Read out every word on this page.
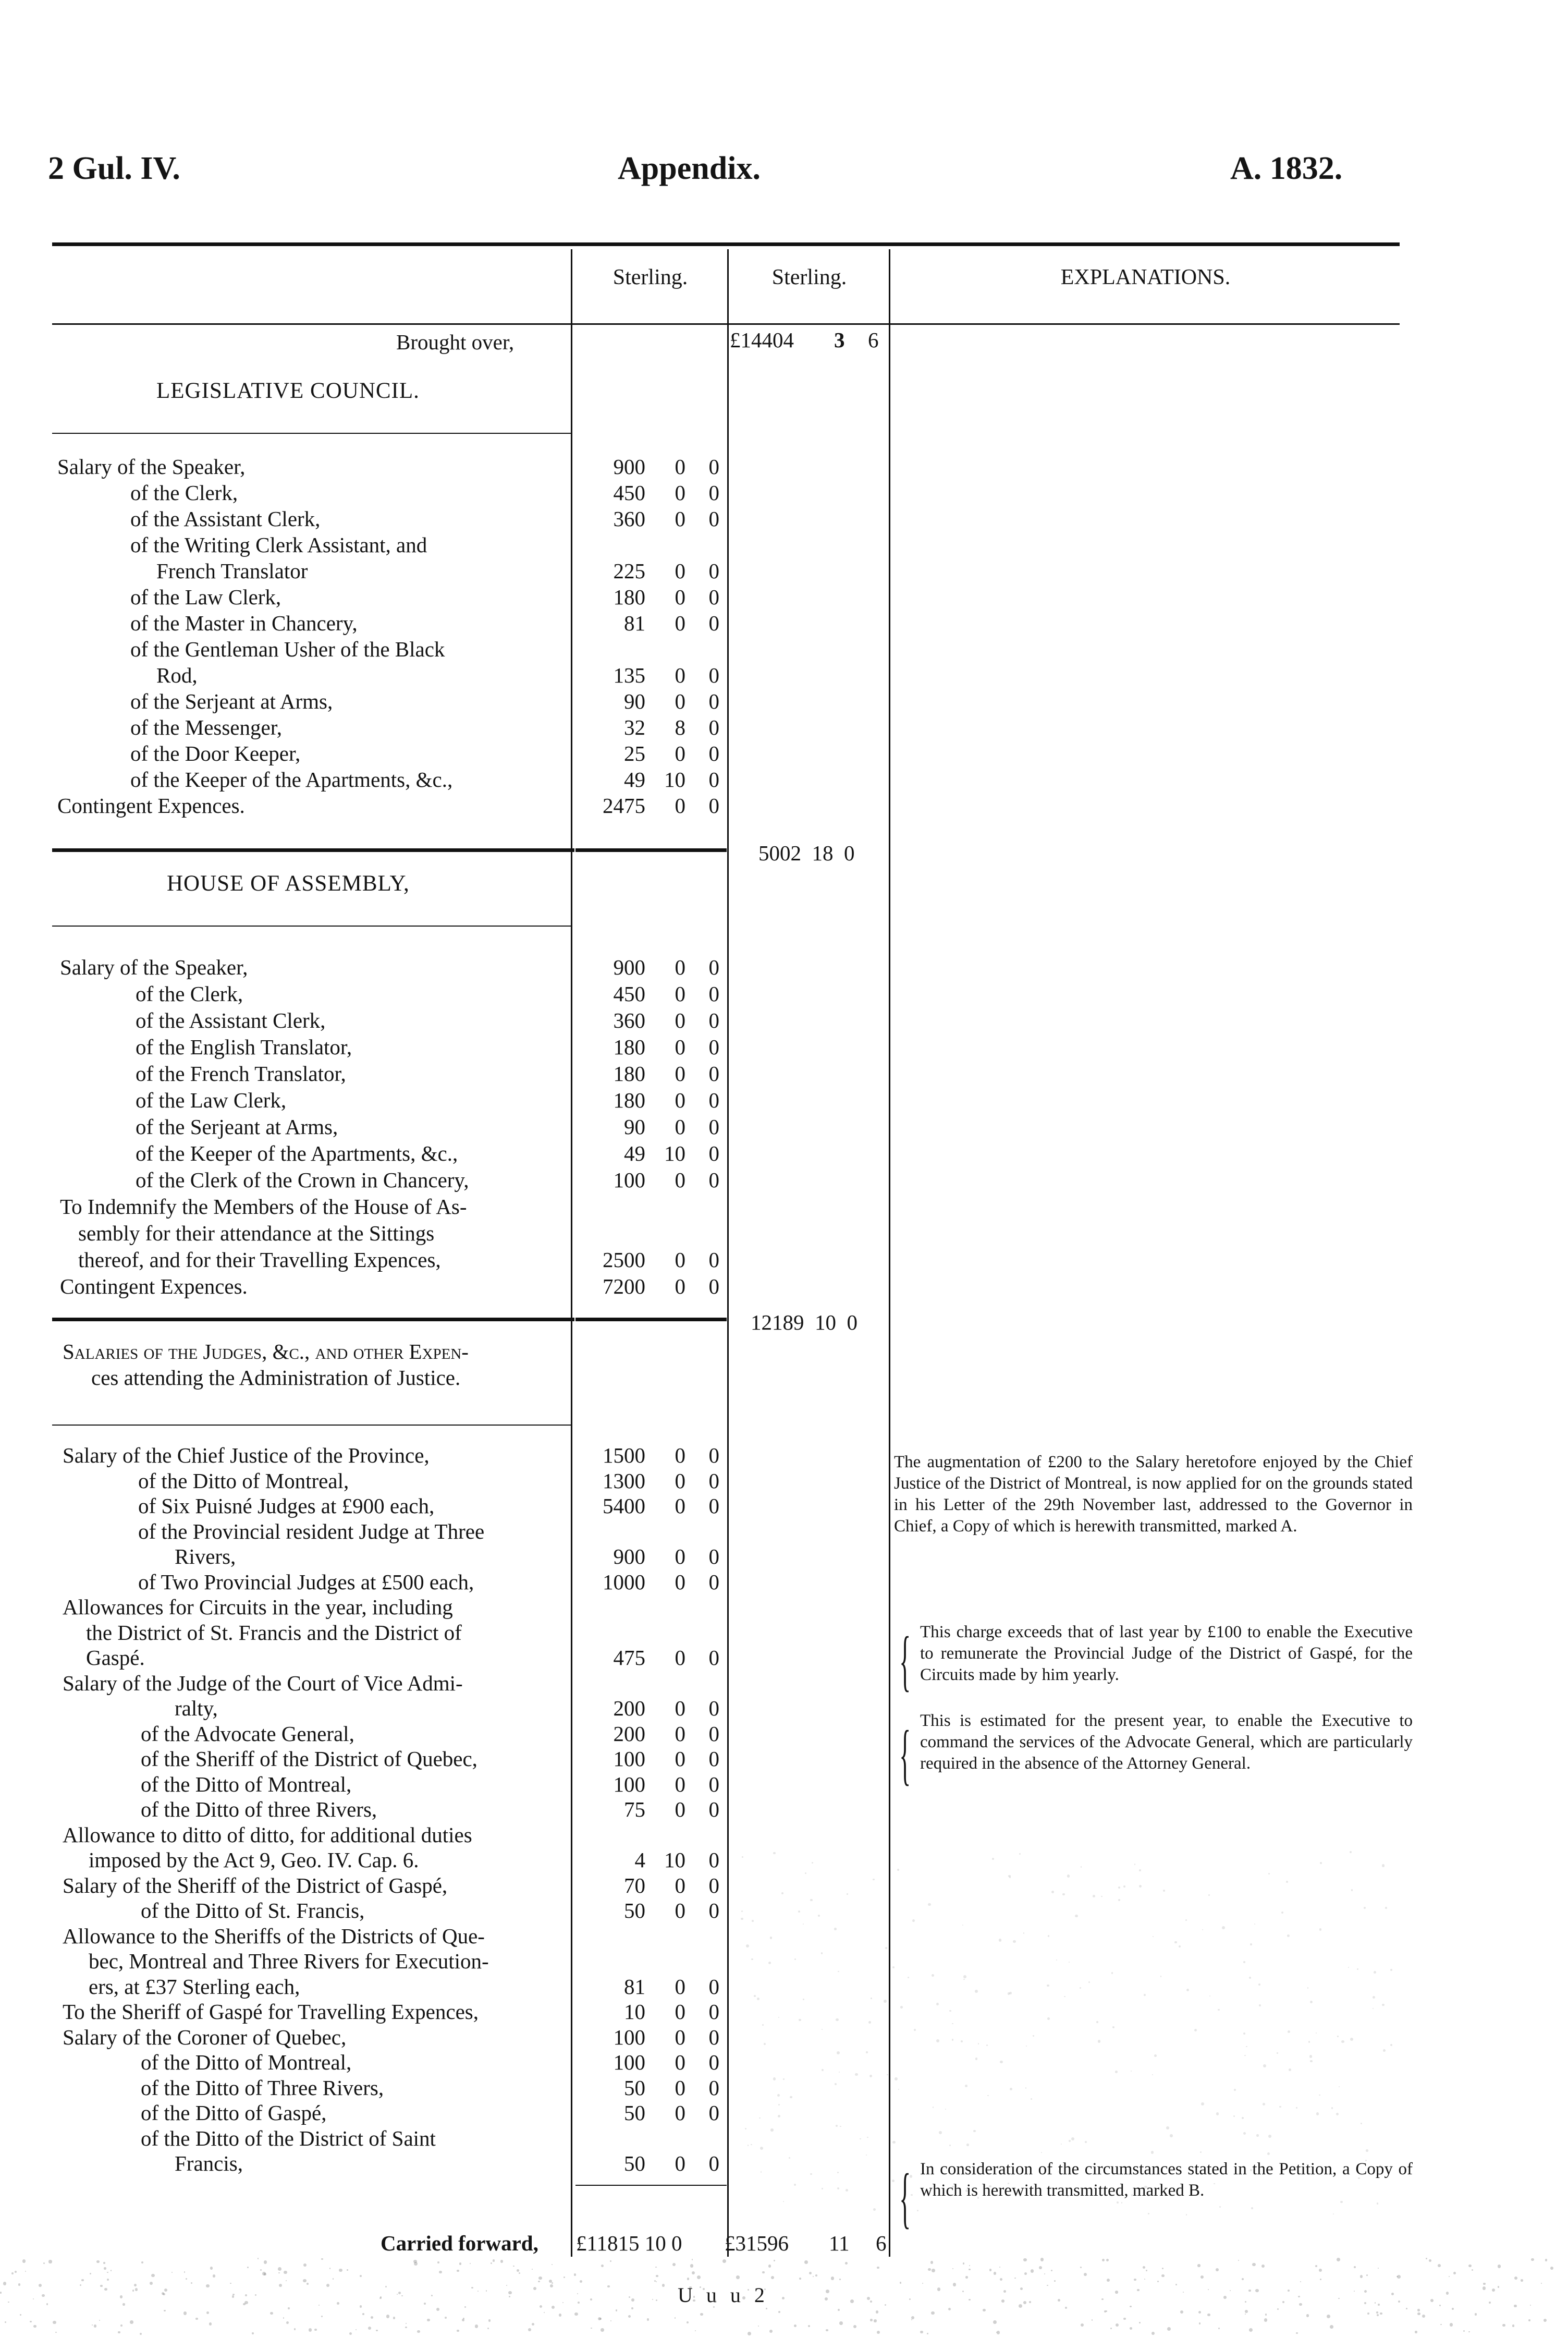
2 Gul. IV.	Appendix.	A. 1832.
Sterling.	Sterling.	EXPLANATIONS.
Brought over,	£14404 3 6
LEGISLATIVE COUNCIL.
Salary of the Speaker,	900	0	0
of the Clerk,	450	0	0
of the Assistant Clerk,	360	0	0
of the Writing Clerk Assistant, and
French Translator	225	0	0
of the Law Clerk,	180	0	0
of the Master in Chancery,	81	0	0
of the Gentleman Usher of the Black
Rod,	135	0	0
of the Serjeant at Arms,	90	0	0
of the Messenger,	32	8	0
of the Door Keeper,	25	0	0
of the Keeper of the Apartments, &c.,	49 10	0
Contingent Expences.	2475	0	0
5002 18 0
HOUSE OF ASSEMBLY,
Salary of the Speaker,	900	0	0
of the Clerk,	450	0	0
of the Assistant Clerk,	360	0	0
of the English Translator,	180	0	0
of the French Translator,	180	0	0
of the Law Clerk,	180	0	0
of the Serjeant at Arms,	90	0	0
of the Keeper of the Apartments, &c.,	49 10	0
of the Clerk of the Crown in Chancery,	100	0	0
To Indemnify the Members of the House of As-
sembly for their attendance at the Sittings
thereof, and for their Travelling Expences,	2500	0	0
Contingent Expences.	7200	0	0
12189 10 0
Salaries of the Judges, &c., and other Expen-
ces attending the Administration of Justice.
Salary of the Chief Justice of the Province,	1500	0	0
of the Ditto of Montreal,	1300	0	0
of Six Puisné Judges at £900 each,	5400	0	0
of the Provincial resident Judge at Three
Rivers,	900	0	0
of Two Provincial Judges at £500 each,	1000	0	0
Allowances for Circuits in the year, including
the District of St. Francis and the District of
Gaspé.	475	0	0
Salary of the Judge of the Court of Vice Admi-
ralty,	200	0	0
of the Advocate General,	200	0	0
of the Sheriff of the District of Quebec,	100	0	0
of the Ditto of Montreal,	100	0	0
of the Ditto of three Rivers,	75	0	0
Allowance to ditto of ditto, for additional duties
imposed by the Act 9, Geo. IV. Cap. 6.	4 10	0
Salary of the Sheriff of the District of Gaspé,	70	0	0
of the Ditto of St. Francis,	50	0	0
Allowance to the Sheriffs of the Districts of Que-
bec, Montreal and Three Rivers for Execution-
ers, at £37 Sterling each,	81	0	0
To the Sheriff of Gaspé for Travelling Expences,	10	0	0
Salary of the Coroner of Quebec,	100	0	0
of the Ditto of Montreal,	100	0	0
of the Ditto of Three Rivers,	50	0	0
of the Ditto of Gaspé,	50	0	0
of the Ditto of the District of Saint
Francis,	50	0	0
The augmentation of £200 to the Salary heretofore enjoyed by the Chief Justice of the District of Montreal, is now applied for on the grounds stated in his Letter of the 29th November last, addressed to the Governor in Chief, a Copy of which is herewith transmitted, marked A.
{ This charge exceeds that of last year by £100 to enable the Executive to remunerate the Provincial Judge of the District of Gaspé, for the Circuits made by him yearly.
{ This is estimated for the present year, to enable the Executive to command the services of the Advocate General, which are particularly required in the absence of the Attorney General.
{ In consideration of the circumstances stated in the Petition, a Copy of which is herewith transmitted, marked B.
Carried forward, £11815 10 0 £31596 11 6
U u u 2
